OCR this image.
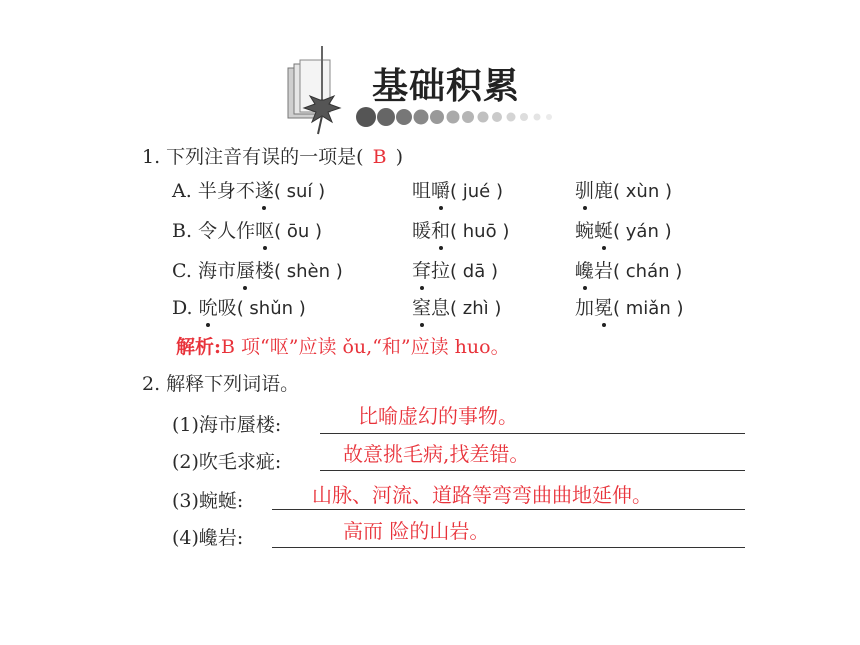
基础积累
1. 下列注音有误的一项是( B )
A. 半身不遂( suí )	咀嚼( jué )	驯鹿( xùn )
B. 令人作呕( ōu )	暖和( huō )	蜿蜒( yán )
C. 海市蜃楼( shèn )	耷拉( dā )	巉岩( chán )
D. 吮吸( shǔn )	窒息( zhì )	加冕( miǎn )
解析:B 项“呕”应读 ǒu,“和”应读 huo。
2. 解释下列词语。
(1)海市蜃楼:	比喻虚幻的事物。
(2)吹毛求疵:	故意挑毛病,找差错。
(3)蜿蜒:	山脉、河流、道路等弯弯曲曲地延伸。
(4)巉岩:	高而 险的山岩。
